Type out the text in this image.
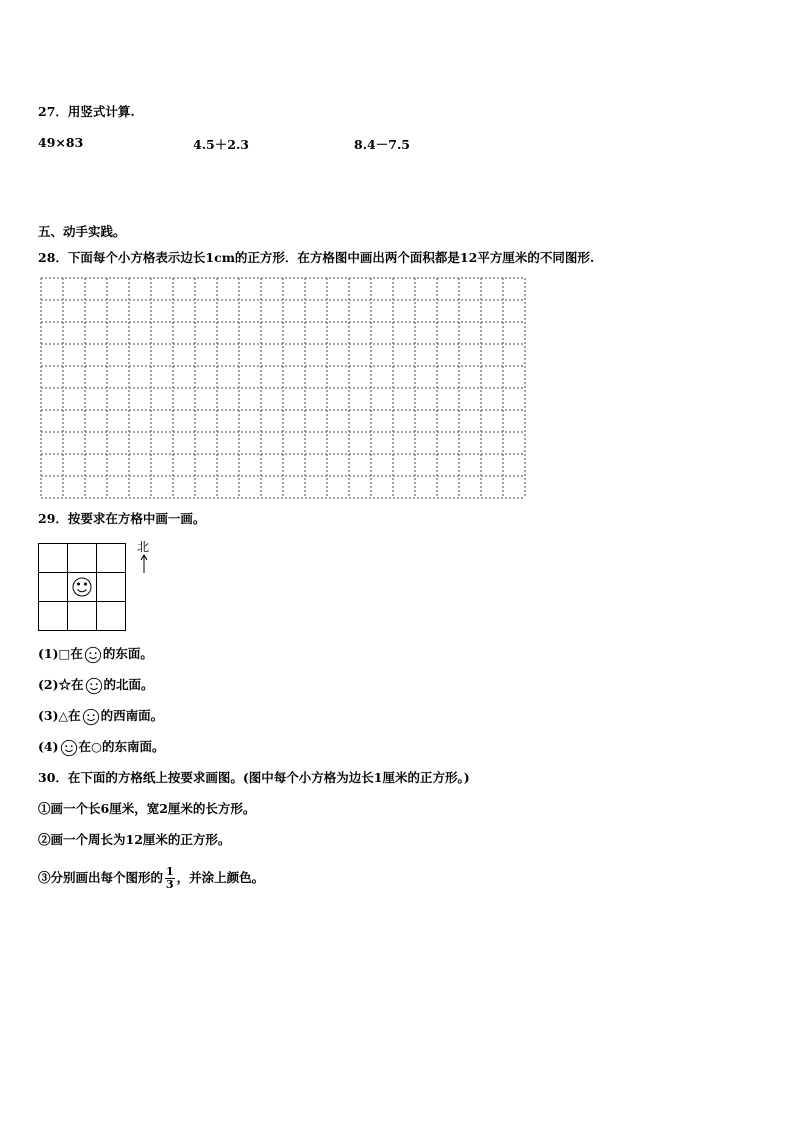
27．用竖式计算.
49×83	4.5＋2.3	8.4－7.5
五、动手实践。
28．下面每个小方格表示边长1cm的正方形．在方格图中画出两个面积都是12平方厘米的不同图形.
29．按要求在方格中画一画。
北
(1)□在 的东面。
(2)☆在 的北面。
(3)△在 的西南面。
(4) 在○的东南面。
30．在下面的方格纸上按要求画图。(图中每个小方格为边长1厘米的正方形。)
①画一个长6厘米，宽2厘米的长方形。
②画一个周长为12厘米的正方形。
③分别画出每个图形的 $\frac{1}{3}$ ，并涂上颜色。
